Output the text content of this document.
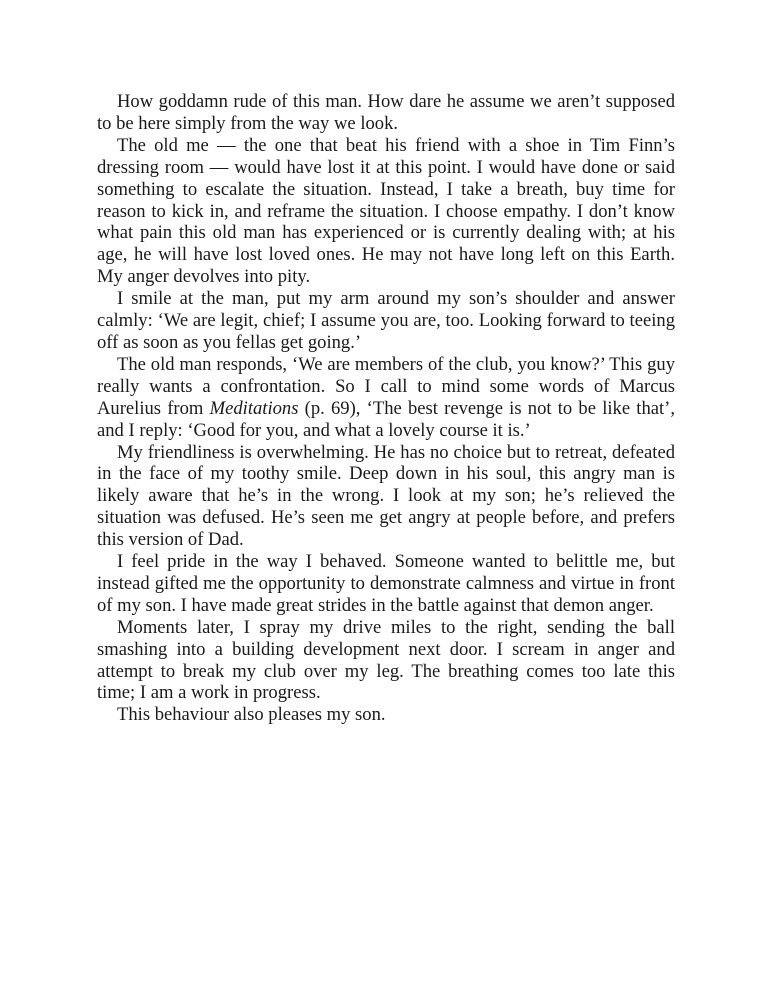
How goddamn rude of this man. How dare he assume we aren’t supposed to be here simply from the way we look.

The old me — the one that beat his friend with a shoe in Tim Finn’s dressing room — would have lost it at this point. I would have done or said something to escalate the situation. Instead, I take a breath, buy time for reason to kick in, and reframe the situation. I choose empathy. I don’t know what pain this old man has experienced or is currently dealing with; at his age, he will have lost loved ones. He may not have long left on this Earth. My anger devolves into pity.

I smile at the man, put my arm around my son’s shoulder and answer calmly: ‘We are legit, chief; I assume you are, too. Looking forward to teeing off as soon as you fellas get going.’

The old man responds, ‘We are members of the club, you know?’ This guy really wants a confrontation. So I call to mind some words of Marcus Aurelius from Meditations (p. 69), ‘The best revenge is not to be like that’, and I reply: ‘Good for you, and what a lovely course it is.’

My friendliness is overwhelming. He has no choice but to retreat, defeated in the face of my toothy smile. Deep down in his soul, this angry man is likely aware that he’s in the wrong. I look at my son; he’s relieved the situation was defused. He’s seen me get angry at people before, and prefers this version of Dad.

I feel pride in the way I behaved. Someone wanted to belittle me, but instead gifted me the opportunity to demonstrate calmness and virtue in front of my son. I have made great strides in the battle against that demon anger.

Moments later, I spray my drive miles to the right, sending the ball smashing into a building development next door. I scream in anger and attempt to break my club over my leg. The breathing comes too late this time; I am a work in progress.

This behaviour also pleases my son.
